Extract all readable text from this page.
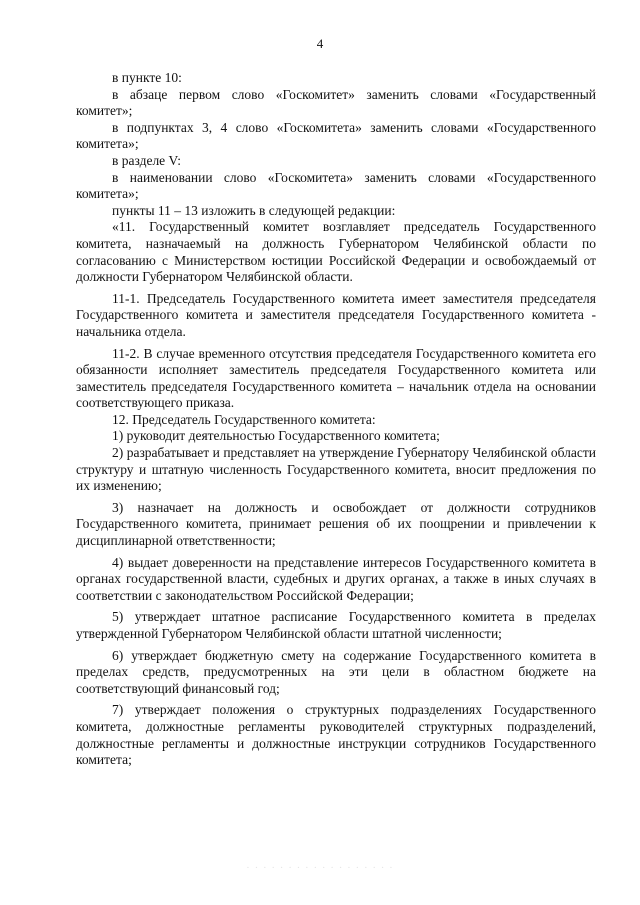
4

в пункте 10:

в абзаце первом слово «Госкомитет» заменить словами «Государственный комитет»;

в подпунктах 3, 4 слово «Госкомитета» заменить словами «Государственного комитета»;

в разделе V:

в наименовании слово «Госкомитета» заменить словами «Государственного комитета»;

пункты 11 – 13 изложить в следующей редакции:

«11. Государственный комитет возглавляет председатель Государственного комитета, назначаемый на должность Губернатором Челябинской области по согласованию с Министерством юстиции Российской Федерации и освобождаемый от должности Губернатором Челябинской области.

11-1. Председатель Государственного комитета имеет заместителя председателя Государственного комитета и заместителя председателя Государственного комитета - начальника отдела.

11-2. В случае временного отсутствия председателя Государственного комитета его обязанности исполняет заместитель председателя Государственного комитета или заместитель председателя Государственного комитета – начальник отдела на основании соответствующего приказа.

12. Председатель Государственного комитета:

1) руководит деятельностью Государственного комитета;

2) разрабатывает и представляет на утверждение Губернатору Челябинской области структуру и штатную численность Государственного комитета, вносит предложения по их изменению;

3) назначает на должность и освобождает от должности сотрудников Государственного комитета, принимает решения об их поощрении и привлечении к дисциплинарной ответственности;

4) выдает доверенности на представление интересов Государственного комитета в органах государственной власти, судебных и других органах, а также в иных случаях в соответствии с законодательством Российской Федерации;

5) утверждает штатное расписание Государственного комитета в пределах утвержденной Губернатором Челябинской области штатной численности;

6) утверждает бюджетную смету на содержание Государственного комитета в пределах средств, предусмотренных на эти цели в областном бюджете на соответствующий финансовый год;

7) утверждает положения о структурных подразделениях Государственного комитета, должностные регламенты руководителей структурных подразделений, должностные регламенты и должностные инструкции сотрудников Государственного комитета;

· · · · · · · · · · · · · · · · · ·
